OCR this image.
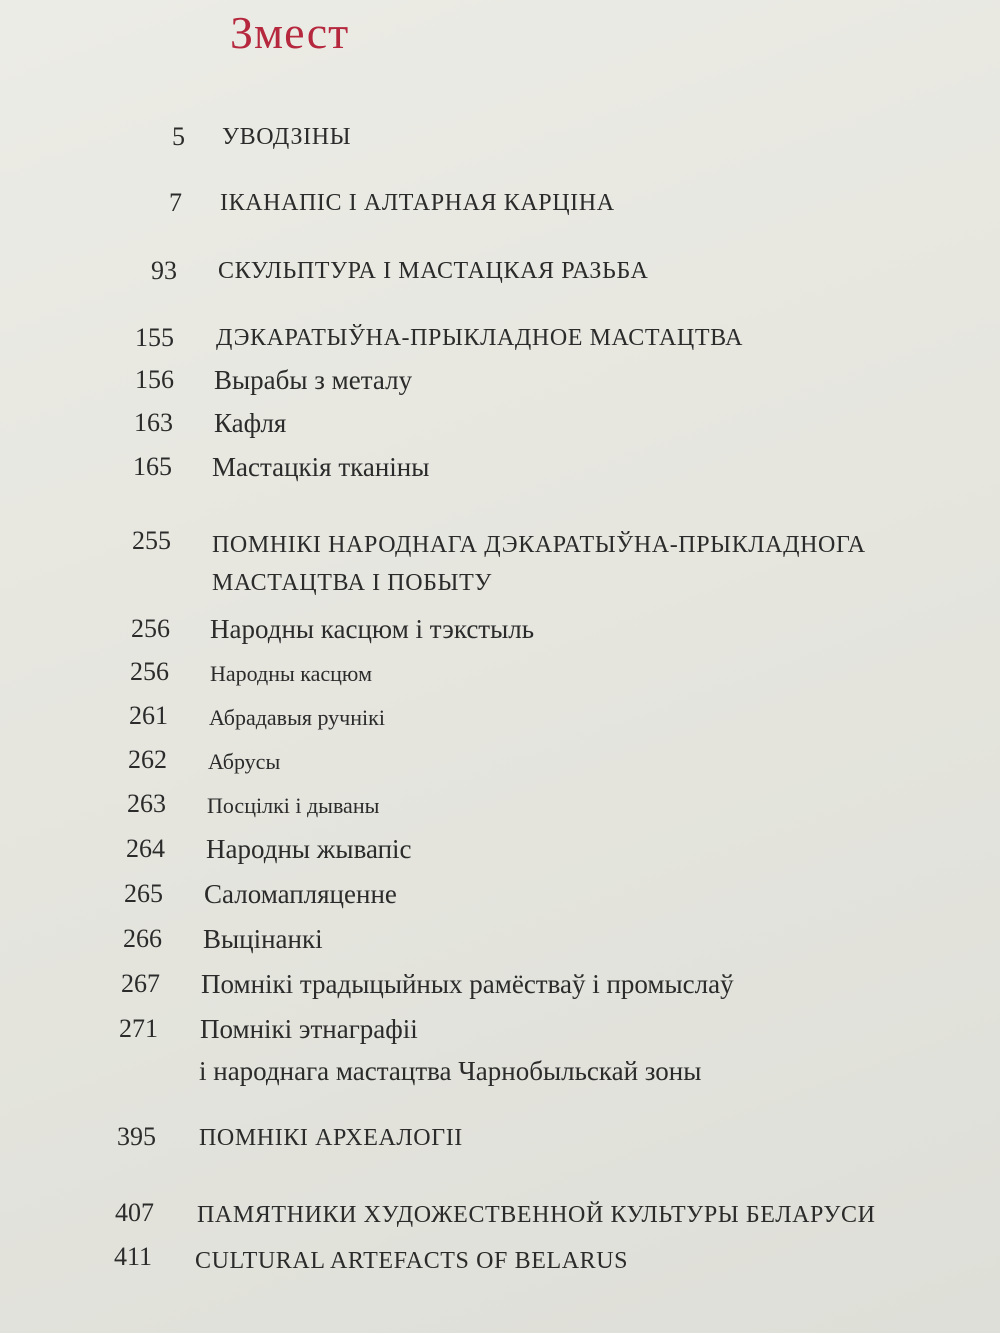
Змест
5 УВОДЗІНЫ
7 ІКАНАПІС І АЛТАРНАЯ КАРЦІНА
93 СКУЛЬПТУРА І МАСТАЦКАЯ РАЗЬБА
155 ДЭКАРАТЫЎНА-ПРЫКЛАДНОЕ МАСТАЦТВА
156 Вырабы з металу
163 Кафля
165 Мастацкія тканіны
255 ПОМНІКІ НАРОДНАГА ДЭКАРАТЫЎНА-ПРЫКЛАДНОГА
МАСТАЦТВА І ПОБЫТУ
256 Народны касцюм і тэкстыль
256 Народны касцюм
261 Абрадавыя ручнікі
262 Абрусы
263 Посцілкі і дываны
264 Народны жывапіс
265 Саломапляценне
266 Выцінанкі
267 Помнікі традыцыйных рамёстваў і промыслаў
271 Помнікі этнаграфіі
і народнага мастацтва Чарнобыльскай зоны
395 ПОМНІКІ АРХЕАЛОГІІ
407 ПАМЯТНИКИ ХУДОЖЕСТВЕННОЙ КУЛЬТУРЫ БЕЛАРУСИ
411 CULTURAL ARTEFACTS OF BELARUS
